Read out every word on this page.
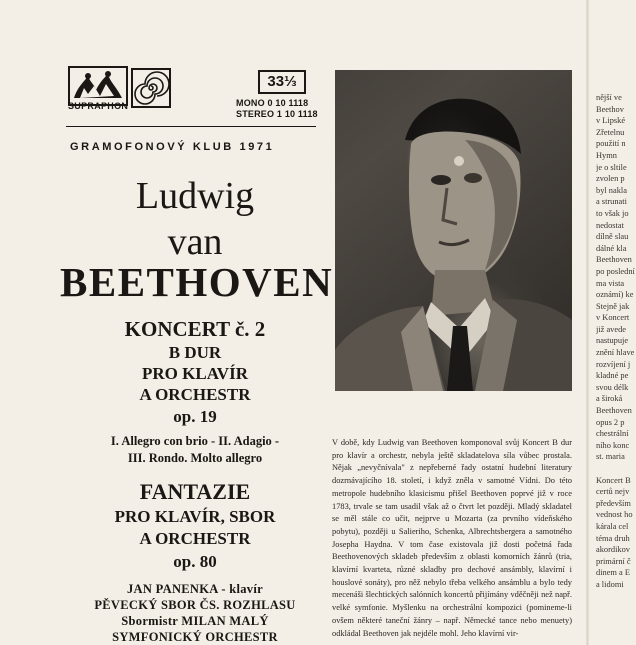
SUPRAPHON
33⅓
MONO 0 10 1118
STEREO 1 10 1118
GRAMOFONOVÝ KLUB 1971
Ludwig
van
BEETHOVEN
KONCERT č. 2
B DUR
PRO KLAVÍR
A ORCHESTR
op. 19
I. Allegro con brio - II. Adagio -
III. Rondo. Molto allegro
FANTAZIE
PRO KLAVÍR, SBOR
A ORCHESTR
op. 80
JAN PANENKA - klavír
PĚVECKÝ SBOR ČS. ROZHLASU
Sbormistr MILAN MALÝ
SYMFONICKÝ ORCHESTR

V době, kdy Ludwig van Beethoven komponoval svůj Koncert B dur pro klavír a orchestr, nebyla ještě skladatelova síla vůbec prostala. Nějak „nevyčnívala" z nepřeberné řady ostatní hudební literatury dozrnávajícího 18. století, i když zněla v samotné Vídni. Do této metropole hudebního klasicismu přišel Beethoven poprvé již v roce 1783, trvale se tam usadil však až o čtvrt let později. Mladý skladatel se měl stále co učit, nejprve u Mozarta (za prvního vídeňského pobytu), později u Salieriho, Schenka, Albrechtsbergera a samotného Josepha Haydna. V tom čase existovala již dosti početná řada Beethovenových skladeb především z oblasti komorních žánrů (tria, klavírní kvarteta, různé skladby pro dechové ansámbly, klavírní i houslové sonáty), pro něž nebylo třeba velkého ansámblu a bylo tedy mecenáši šlechtických salónních koncertů přijímány vděčněji než např. velké symfonie. Myšlenku na orchestrální kompozici (pomineme-li ovšem některé taneční žánry – např. Německé tance nebo menuety) odkládal Beethoven jak nejdéle mohl. Jeho klavírní vir-

nější ve
Beethov
v Lipské
Zřetelnu
použití n
Hymn
je o sltile
zvolen p
byl nakla
a strunati
to však jo
nedostat
dílně slau
dálné kla
Beethoven
po poslední
ma vista
oznámí) ke
Stejně jak
v Koncert
již avede
nastupuje
znění hlave
rozvíjení j
kladné pe
svou délk
a široká
Beethoven
opus 2 p
chestrální
ního konc
st. maria
Koncert B
certů nejv
především
vednost ho
kárala cel
téma druh
akordikov
primární č
dinem a E
a lidomi
